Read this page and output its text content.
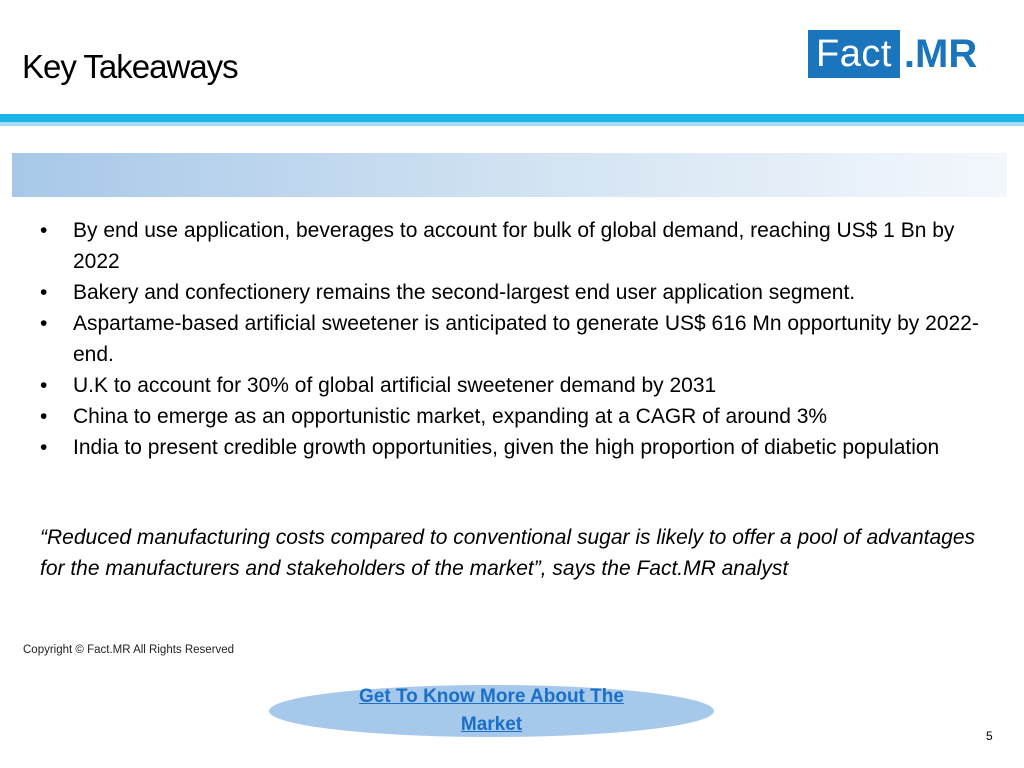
Key Takeaways	Fact .MR
• By end use application, beverages to account for bulk of global demand, reaching US$ 1 Bn by 2022
• Bakery and confectionery remains the second-largest end user application segment.
• Aspartame-based artificial sweetener is anticipated to generate US$ 616 Mn opportunity by 2022-end.
• U.K to account for 30% of global artificial sweetener demand by 2031
• China to emerge as an opportunistic market, expanding at a CAGR of around 3%
• India to present credible growth opportunities, given the high proportion of diabetic population
“Reduced manufacturing costs compared to conventional sugar is likely to offer a pool of advantages for the manufacturers and stakeholders of the market”, says the Fact.MR analyst
Copyright © Fact.MR All Rights Reserved
Get To Know More About The Market
5
